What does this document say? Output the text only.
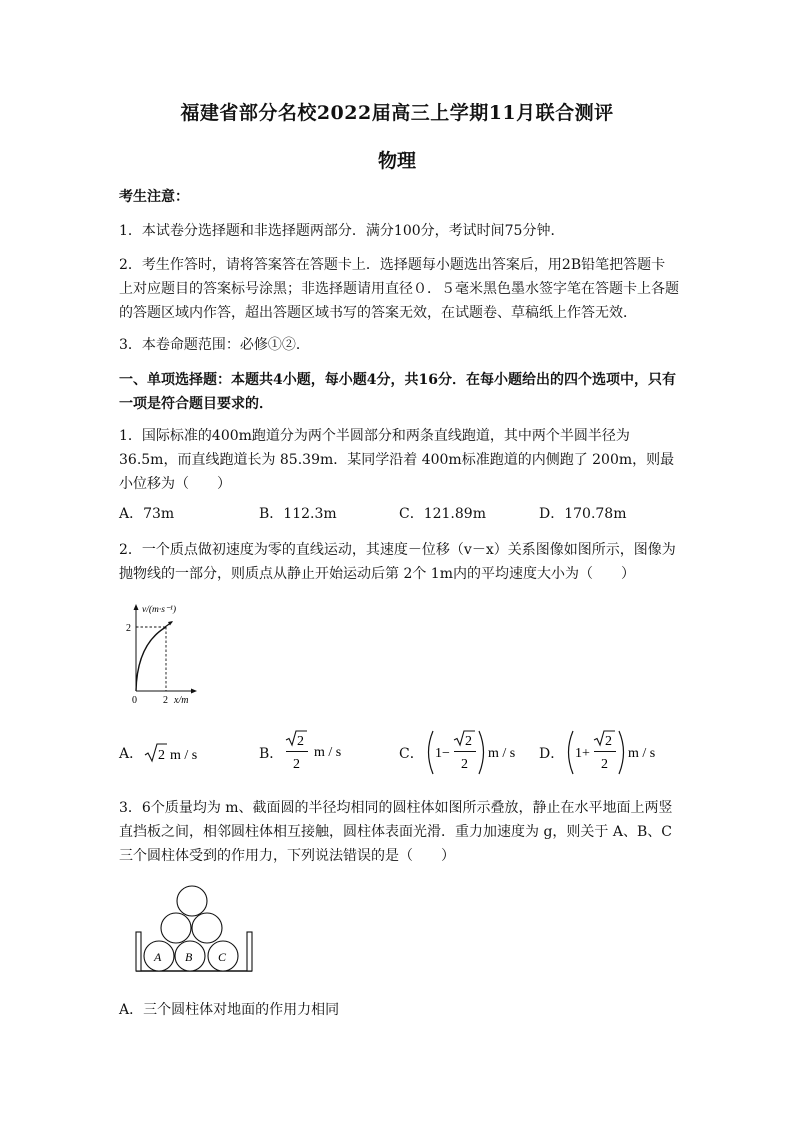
福建省部分名校2022届高三上学期11月联合测评
物理

考生注意：

1．本试卷分选择题和非选择题两部分．满分100分，考试时间75分钟．

2．考生作答时，请将答案答在答题卡上．选择题每小题选出答案后，用2B铅笔把答题卡上对应题目的答案标号涂黑；非选择题请用直径０．５毫米黑色墨水签字笔在答题卡上各题的答题区域内作答，超出答题区域书写的答案无效，在试题卷、草稿纸上作答无效．

3．本卷命题范围：必修①②．

一、单项选择题：本题共4小题，每小题4分，共16分．在每小题给出的四个选项中，只有一项是符合题目要求的．

1．国际标准的400m跑道分为两个半圆部分和两条直线跑道，其中两个半圆半径为36.5m，而直线跑道长为 85.39m．某同学沿着 400m标准跑道的内侧跑了 200m，则最小位移为（　　）

A．73m	B．112.3m	C．121.89m	D．170.78m

2．一个质点做初速度为零的直线运动，其速度－位移（v－x）关系图像如图所示，图像为抛物线的一部分，则质点从静止开始运动后第 2个 1m内的平均速度大小为（　　）

v/(m·s⁻¹)
2
0	2 x/m
A． 2 m / s	B．
2
2
m / s	C． 1−
2
2
m / s D． 1+
2
2
m / s

3．6个质量均为 m、截面圆的半径均相同的圆柱体如图所示叠放，静止在水平地面上两竖直挡板之间，相邻圆柱体相互接触，圆柱体表面光滑．重力加速度为 g，则关于 A、B、C三个圆柱体受到的作用力，下列说法错误的是（　　）

A B C

A．三个圆柱体对地面的作用力相同
